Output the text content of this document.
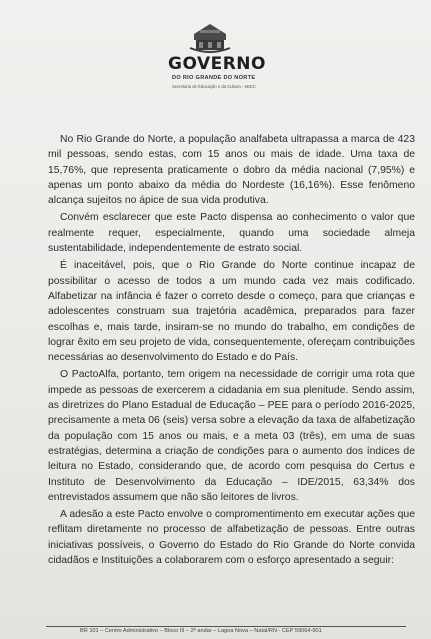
GOVERNO
DO RIO GRANDE DO NORTE
Secretaria de Educação e da Cultura - SEEC

No Rio Grande do Norte, a população analfabeta ultrapassa a marca de 423 mil pessoas, sendo estas, com 15 anos ou mais de idade. Uma taxa de 15,76%, que representa praticamente o dobro da média nacional (7,95%) e apenas um ponto abaixo da média do Nordeste (16,16%). Esse fenômeno alcança sujeitos no ápice de sua vida produtiva.

Convém esclarecer que este Pacto dispensa ao conhecimento o valor que realmente requer, especialmente, quando uma sociedade almeja sustentabilidade, independentemente de estrato social.

É inaceitável, pois, que o Rio Grande do Norte continue incapaz de possibilitar o acesso de todos a um mundo cada vez mais codificado. Alfabetizar na infância é fazer o correto desde o começo, para que crianças e adolescentes construam sua trajetória acadêmica, preparados para fazer escolhas e, mais tarde, insiram-se no mundo do trabalho, em condições de lograr êxito em seu projeto de vida, consequentemente, ofereçam contribuições necessárias ao desenvolvimento do Estado e do País.

O PactoAlfa, portanto, tem origem na necessidade de corrigir uma rota que impede as pessoas de exercerem a cidadania em sua plenitude. Sendo assim, as diretrizes do Plano Estadual de Educação – PEE para o período 2016-2025, precisamente a meta 06 (seis) versa sobre a elevação da taxa de alfabetização da população com 15 anos ou mais, e a meta 03 (três), em uma de suas estratégias, determina a criação de condições para o aumento dos índices de leitura no Estado, considerando que, de acordo com pesquisa do Certus e Instituto de Desenvolvimento da Educação – IDE/2015, 63,34% dos entrevistados assumem que não são leitores de livros.

A adesão a este Pacto envolve o compromentimento em executar ações que reflitam diretamente no processo de alfabetização de pessoas. Entre outras iniciativas possíveis, o Governo do Estado do Rio Grande do Norte convida cidadãos e Instituições a colaborarem com o esforço apresentado a seguir:

BR 101 – Centro Administrativo – Bloco III – 2º andar – Lagoa Nova – Natal/RN - CEP 59064-901
